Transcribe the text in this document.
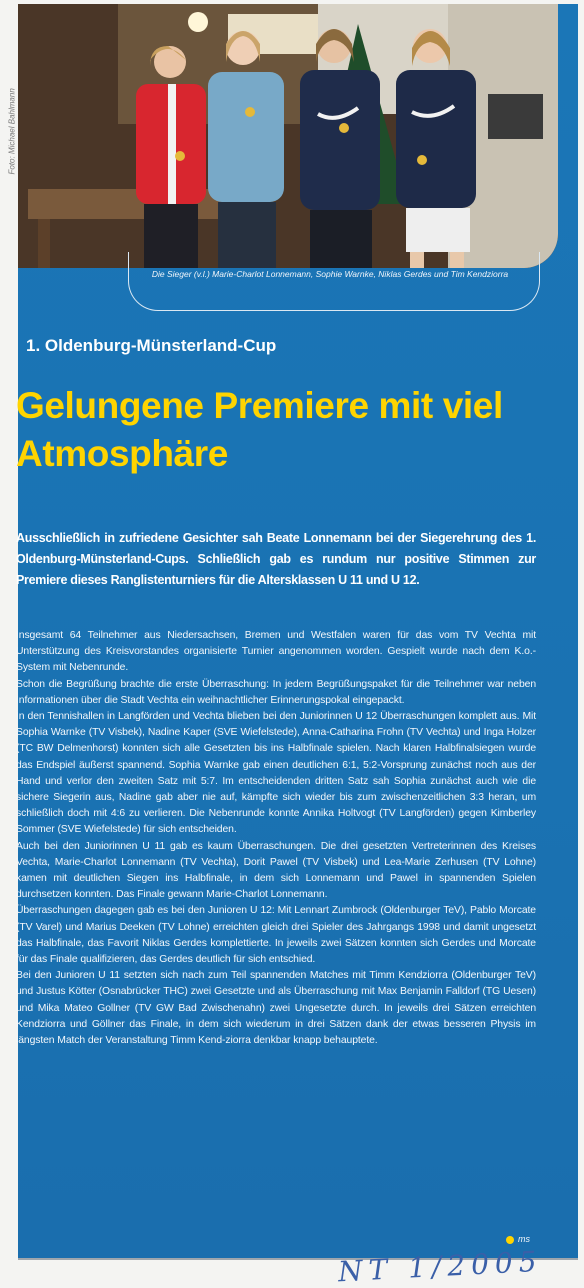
Foto: Michael Bahlmann
Die Sieger (v.l.) Marie-Charlot Lonnemann, Sophie Warnke, Niklas Gerdes und Tim Kendziorra
1. Oldenburg-Münsterland-Cup
Gelungene Premiere mit viel Atmosphäre
Ausschließlich in zufriedene Gesichter sah Beate Lonnemann bei der Siegerehrung des 1. Oldenburg-Münsterland-Cups. Schließlich gab es rundum nur positive Stimmen zur Premiere dieses Ranglistenturniers für die Altersklassen U 11 und U 12.

Insgesamt 64 Teilnehmer aus Niedersachsen, Bremen und Westfalen waren für das vom TV Vechta mit Unterstützung des Kreisvorstandes organisierte Turnier angenommen worden. Gespielt wurde nach dem K.o.-System mit Nebenrunde.

Schon die Begrüßung brachte die erste Überraschung: In jedem Begrüßungspaket für die Teilnehmer war neben Informationen über die Stadt Vechta ein weihnachtlicher Erinnerungspokal eingepackt.

In den Tennishallen in Langförden und Vechta blieben bei den Juniorinnen U 12 Überraschungen komplett aus. Mit Sophia Warnke (TV Visbek), Nadine Kaper (SVE Wiefelstede), Anna-Catharina Frohn (TV Vechta) und Inga Holzer (TC BW Delmenhorst) konnten sich alle Gesetzten bis ins Halbfinale spielen. Nach klaren Halbfinalsiegen wurde das Endspiel äußerst spannend. Sophia Warnke gab einen deutlichen 6:1, 5:2-Vorsprung zunächst noch aus der Hand und verlor den zweiten Satz mit 5:7. Im entscheidenden dritten Satz sah Sophia zunächst auch wie die sichere Siegerin aus, Nadine gab aber nie auf, kämpfte sich wieder bis zum zwischenzeitlichen 3:3 heran, um schließlich doch mit 4:6 zu verlieren. Die Nebenrunde konnte Annika Holtvogt (TV Langförden) gegen Kimberley Sommer (SVE Wiefelstede) für sich entscheiden.

Auch bei den Juniorinnen U 11 gab es kaum Überraschungen. Die drei gesetzten Vertreterinnen des Kreises Vechta, Marie-Charlot Lonnemann (TV Vechta), Dorit Pawel (TV Visbek) und Lea-Marie Zerhusen (TV Lohne) kamen mit deutlichen Siegen ins Halbfinale, in dem sich Lonnemann und Pawel in spannenden Spielen durchsetzen konnten. Das Finale gewann Marie-Charlot Lonnemann.

Überraschungen dagegen gab es bei den Junioren U 12: Mit Lennart Zumbrock (Oldenburger TeV), Pablo Morcate (TV Varel) und Marius Deeken (TV Lohne) erreichten gleich drei Spieler des Jahrgangs 1998 und damit ungesetzt das Halbfinale, das Favorit Niklas Gerdes komplettierte. In jeweils zwei Sätzen konnten sich Gerdes und Morcate für das Finale qualifizieren, das Gerdes deutlich für sich entschied.

Bei den Junioren U 11 setzten sich nach zum Teil spannenden Matches mit Timm Kendziorra (Oldenburger TeV) und Justus Kötter (Osnabrücker THC) zwei Gesetzte und als Überraschung mit Max Benjamin Falldorf (TG Uesen) und Mika Mateo Gollner (TV GW Bad Zwischenahn) zwei Ungesetzte durch. In jeweils drei Sätzen erreichten Kendziorra und Göllner das Finale, in dem sich wiederum in drei Sätzen dank der etwas besseren Physis im längsten Match der Veranstaltung Timm Kend-ziorra denkbar knapp behauptete.

ms
NT 1/2005
